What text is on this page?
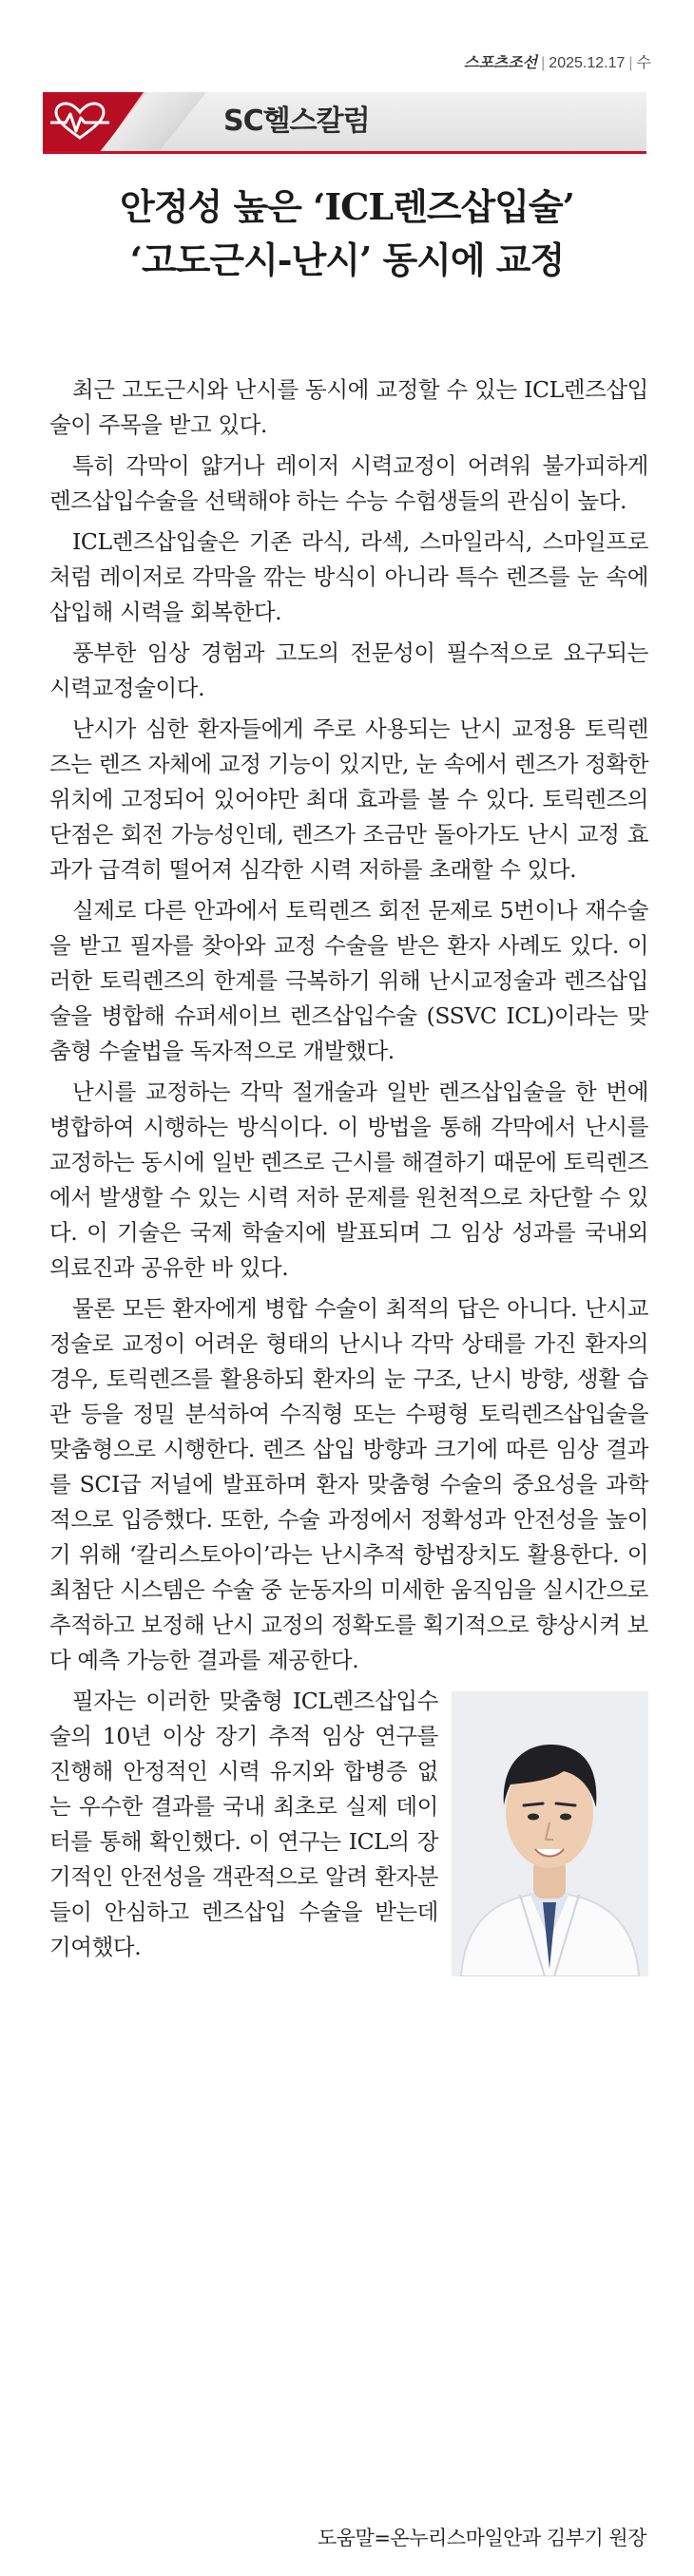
스포츠조선 | 2025.12.17 | 수
SC헬스칼럼
안정성 높은 ‘ICL렌즈삽입술’
‘고도근시-난시’ 동시에 교정

최근 고도근시와 난시를 동시에 교정할 수 있는 ICL렌즈삽입술이 주목을 받고 있다.

특히 각막이 얇거나 레이저 시력교정이 어려워 불가피하게 렌즈삽입수술을 선택해야 하는 수능 수험생들의 관심이 높다.

ICL렌즈삽입술은 기존 라식, 라섹, 스마일라식, 스마일프로처럼 레이저로 각막을 깎는 방식이 아니라 특수 렌즈를 눈 속에 삽입해 시력을 회복한다.

풍부한 임상 경험과 고도의 전문성이 필수적으로 요구되는 시력교정술이다.

난시가 심한 환자들에게 주로 사용되는 난시 교정용 토릭렌즈는 렌즈 자체에 교정 기능이 있지만, 눈 속에서 렌즈가 정확한 위치에 고정되어 있어야만 최대 효과를 볼 수 있다. 토릭렌즈의 단점은 회전 가능성인데, 렌즈가 조금만 돌아가도 난시 교정 효과가 급격히 떨어져 심각한 시력 저하를 초래할 수 있다.

실제로 다른 안과에서 토릭렌즈 회전 문제로 5번이나 재수술을 받고 필자를 찾아와 교정 수술을 받은 환자 사례도 있다. 이러한 토릭렌즈의 한계를 극복하기 위해 난시교정술과 렌즈삽입술을 병합해 슈퍼세이브 렌즈삽입수술 (SSVC ICL)이라는 맞춤형 수술법을 독자적으로 개발했다.

난시를 교정하는 각막 절개술과 일반 렌즈삽입술을 한 번에 병합하여 시행하는 방식이다. 이 방법을 통해 각막에서 난시를 교정하는 동시에 일반 렌즈로 근시를 해결하기 때문에 토릭렌즈에서 발생할 수 있는 시력 저하 문제를 원천적으로 차단할 수 있다. 이 기술은 국제 학술지에 발표되며 그 임상 성과를 국내외 의료진과 공유한 바 있다.

물론 모든 환자에게 병합 수술이 최적의 답은 아니다. 난시교정술로 교정이 어려운 형태의 난시나 각막 상태를 가진 환자의 경우, 토릭렌즈를 활용하되 환자의 눈 구조, 난시 방향, 생활 습관 등을 정밀 분석하여 수직형 또는 수평형 토릭렌즈삽입술을 맞춤형으로 시행한다. 렌즈 삽입 방향과 크기에 따른 임상 결과를 SCI급 저널에 발표하며 환자 맞춤형 수술의 중요성을 과학적으로 입증했다. 또한, 수술 과정에서 정확성과 안전성을 높이기 위해 ‘칼리스토아이’라는 난시추적 항법장치도 활용한다. 이 최첨단 시스템은 수술 중 눈동자의 미세한 움직임을 실시간으로 추적하고 보정해 난시 교정의 정확도를 획기적으로 향상시켜 보다 예측 가능한 결과를 제공한다.

필자는 이러한 맞춤형 ICL렌즈삽입수술의 10년 이상 장기 추적 임상 연구를 진행해 안정적인 시력 유지와 합병증 없는 우수한 결과를 국내 최초로 실제 데이터를 통해 확인했다. 이 연구는 ICL의 장기적인 안전성을 객관적으로 알려 환자분들이 안심하고 렌즈삽입 수술을 받는데 기여했다.

도움말=온누리스마일안과 김부기 원장
